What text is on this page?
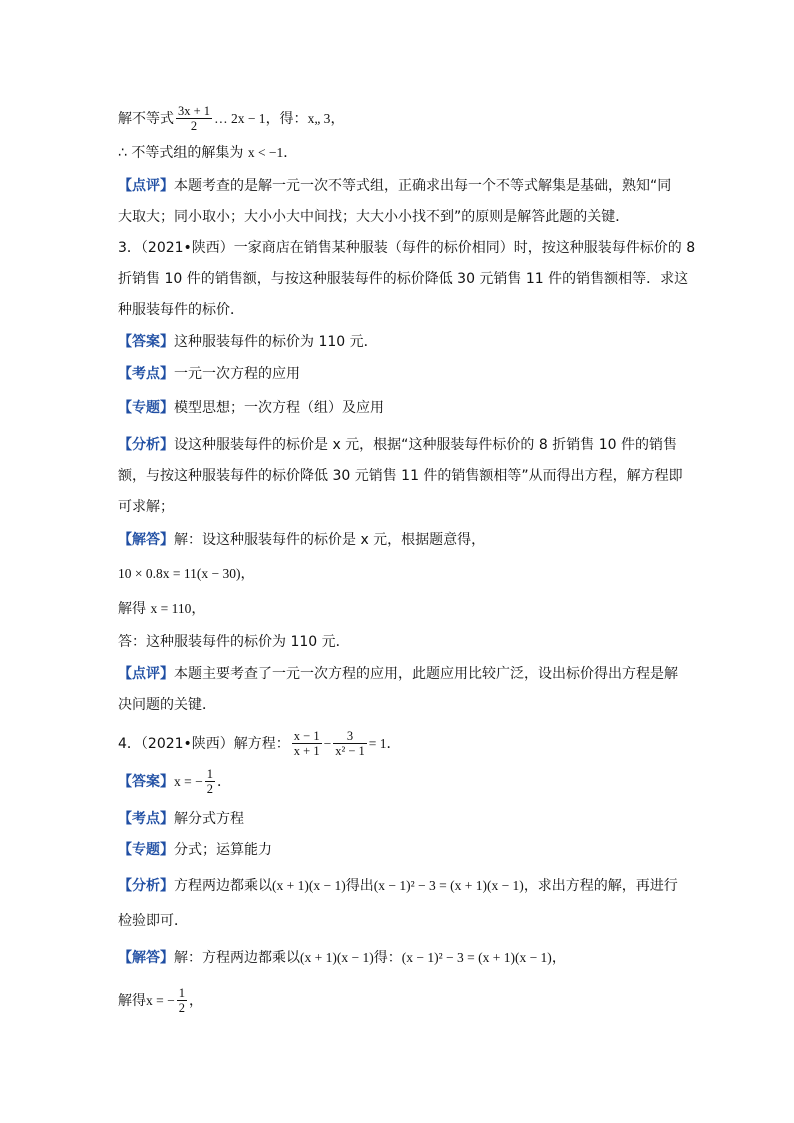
解不等式 $\frac{3x + 1}{2}$ … 2x − 1，得：x„ 3，
∴ 不等式组的解集为 x < −1．
【点评】本题考查的是解一元一次不等式组，正确求出每一个不等式解集是基础，熟知“同
大取大；同小取小；大小小大中间找；大大小小找不到”的原则是解答此题的关键．
3．（2021•陕西）一家商店在销售某种服装（每件的标价相同）时，按这种服装每件标价的 8
折销售 10 件的销售额，与按这种服装每件的标价降低 30 元销售 11 件的销售额相等．求这
种服装每件的标价．
【答案】这种服装每件的标价为 110 元．
【考点】一元一次方程的应用
【专题】模型思想；一次方程（组）及应用
【分析】设这种服装每件的标价是 x 元，根据“这种服装每件标价的 8 折销售 10 件的销售
额，与按这种服装每件的标价降低 30 元销售 11 件的销售额相等”从而得出方程，解方程即
可求解；
【解答】解：设这种服装每件的标价是 x 元，根据题意得，
10 × 0.8x = 11(x − 30)，
解得 x = 110，
答：这种服装每件的标价为 110 元．
【点评】本题主要考查了一元一次方程的应用，此题应用比较广泛，设出标价得出方程是解
决问题的关键．
4．（2021•陕西）解方程： $\frac{x - 1}{x + 1} - \frac{3}{\text{x² − 1}} = 1$．
【答案】x = − $\frac{1}{2}$ ．
【考点】解分式方程
【专题】分式；运算能力
【分析】方程两边都乘以(x + 1)(x − 1)得出(x − 1)² − 3 = (x + 1)(x − 1)，求出方程的解，再进行
检验即可．
【解答】解：方程两边都乘以(x + 1)(x − 1)得：(x − 1)² − 3 = (x + 1)(x − 1)，
解得x = − $\frac{1}{2}$ ，
